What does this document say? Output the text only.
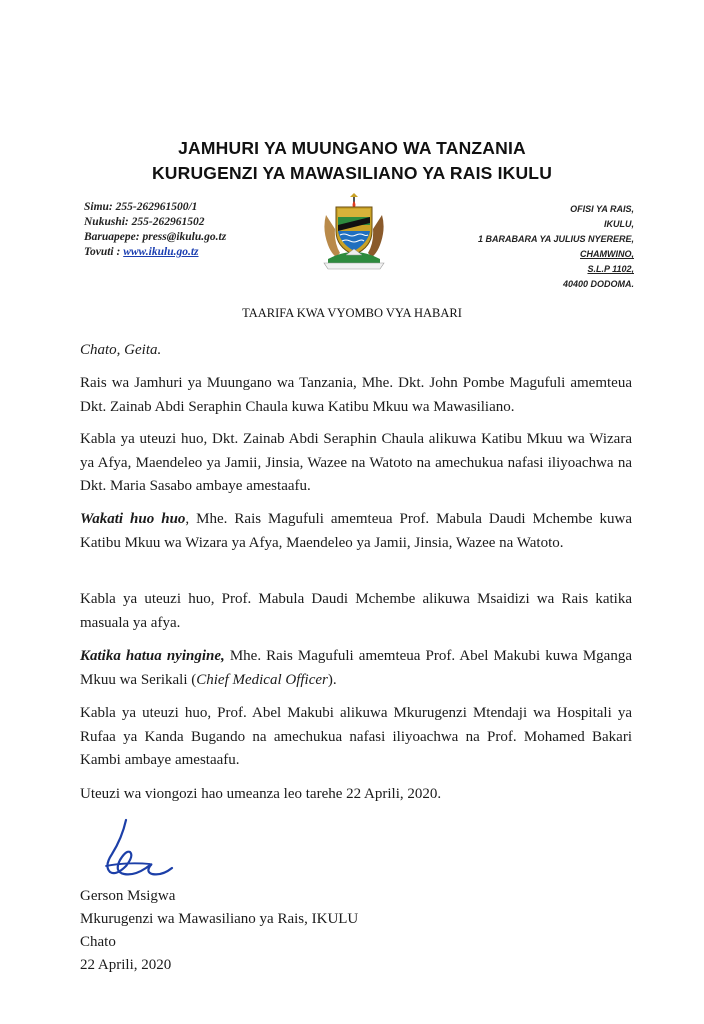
JAMHURI YA MUUNGANO WA TANZANIA
KURUGENZI YA MAWASILIANO YA RAIS IKULU
Simu: 255-262961500/1
Nukushi: 255-262961502
Baruapepe: press@ikulu.go.tz
Tovuti : www.ikulu.go.tz
OFISI YA RAIS,
IKULU,
1 BARABARA YA JULIUS NYERERE,
CHAMWINO,
S.L.P 1102,
40400 DODOMA.
TAARIFA KWA VYOMBO VYA HABARI
Chato, Geita.
Rais wa Jamhuri ya Muungano wa Tanzania, Mhe. Dkt. John Pombe Magufuli amemteua Dkt. Zainab Abdi Seraphin Chaula kuwa Katibu Mkuu wa Mawasiliano.
Kabla ya uteuzi huo, Dkt. Zainab Abdi Seraphin Chaula alikuwa Katibu Mkuu wa Wizara ya Afya, Maendeleo ya Jamii, Jinsia, Wazee na Watoto na amechukua nafasi iliyoachwa na Dkt. Maria Sasabo ambaye amestaafu.
Wakati huo huo, Mhe. Rais Magufuli amemteua Prof. Mabula Daudi Mchembe kuwa Katibu Mkuu wa Wizara ya Afya, Maendeleo ya Jamii, Jinsia, Wazee na Watoto.
Kabla ya uteuzi huo, Prof. Mabula Daudi Mchembe alikuwa Msaidizi wa Rais katika masuala ya afya.
Katika hatua nyingine, Mhe. Rais Magufuli amemteua Prof. Abel Makubi kuwa Mganga Mkuu wa Serikali (Chief Medical Officer).
Kabla ya uteuzi huo, Prof. Abel Makubi alikuwa Mkurugenzi Mtendaji wa Hospitali ya Rufaa ya Kanda Bugando na amechukua nafasi iliyoachwa na Prof. Mohamed Bakari Kambi ambaye amestaafu.
Uteuzi wa viongozi hao umeanza leo tarehe 22 Aprili, 2020.
Gerson Msigwa
Mkurugenzi wa Mawasiliano ya Rais, IKULU
Chato
22 Aprili, 2020
